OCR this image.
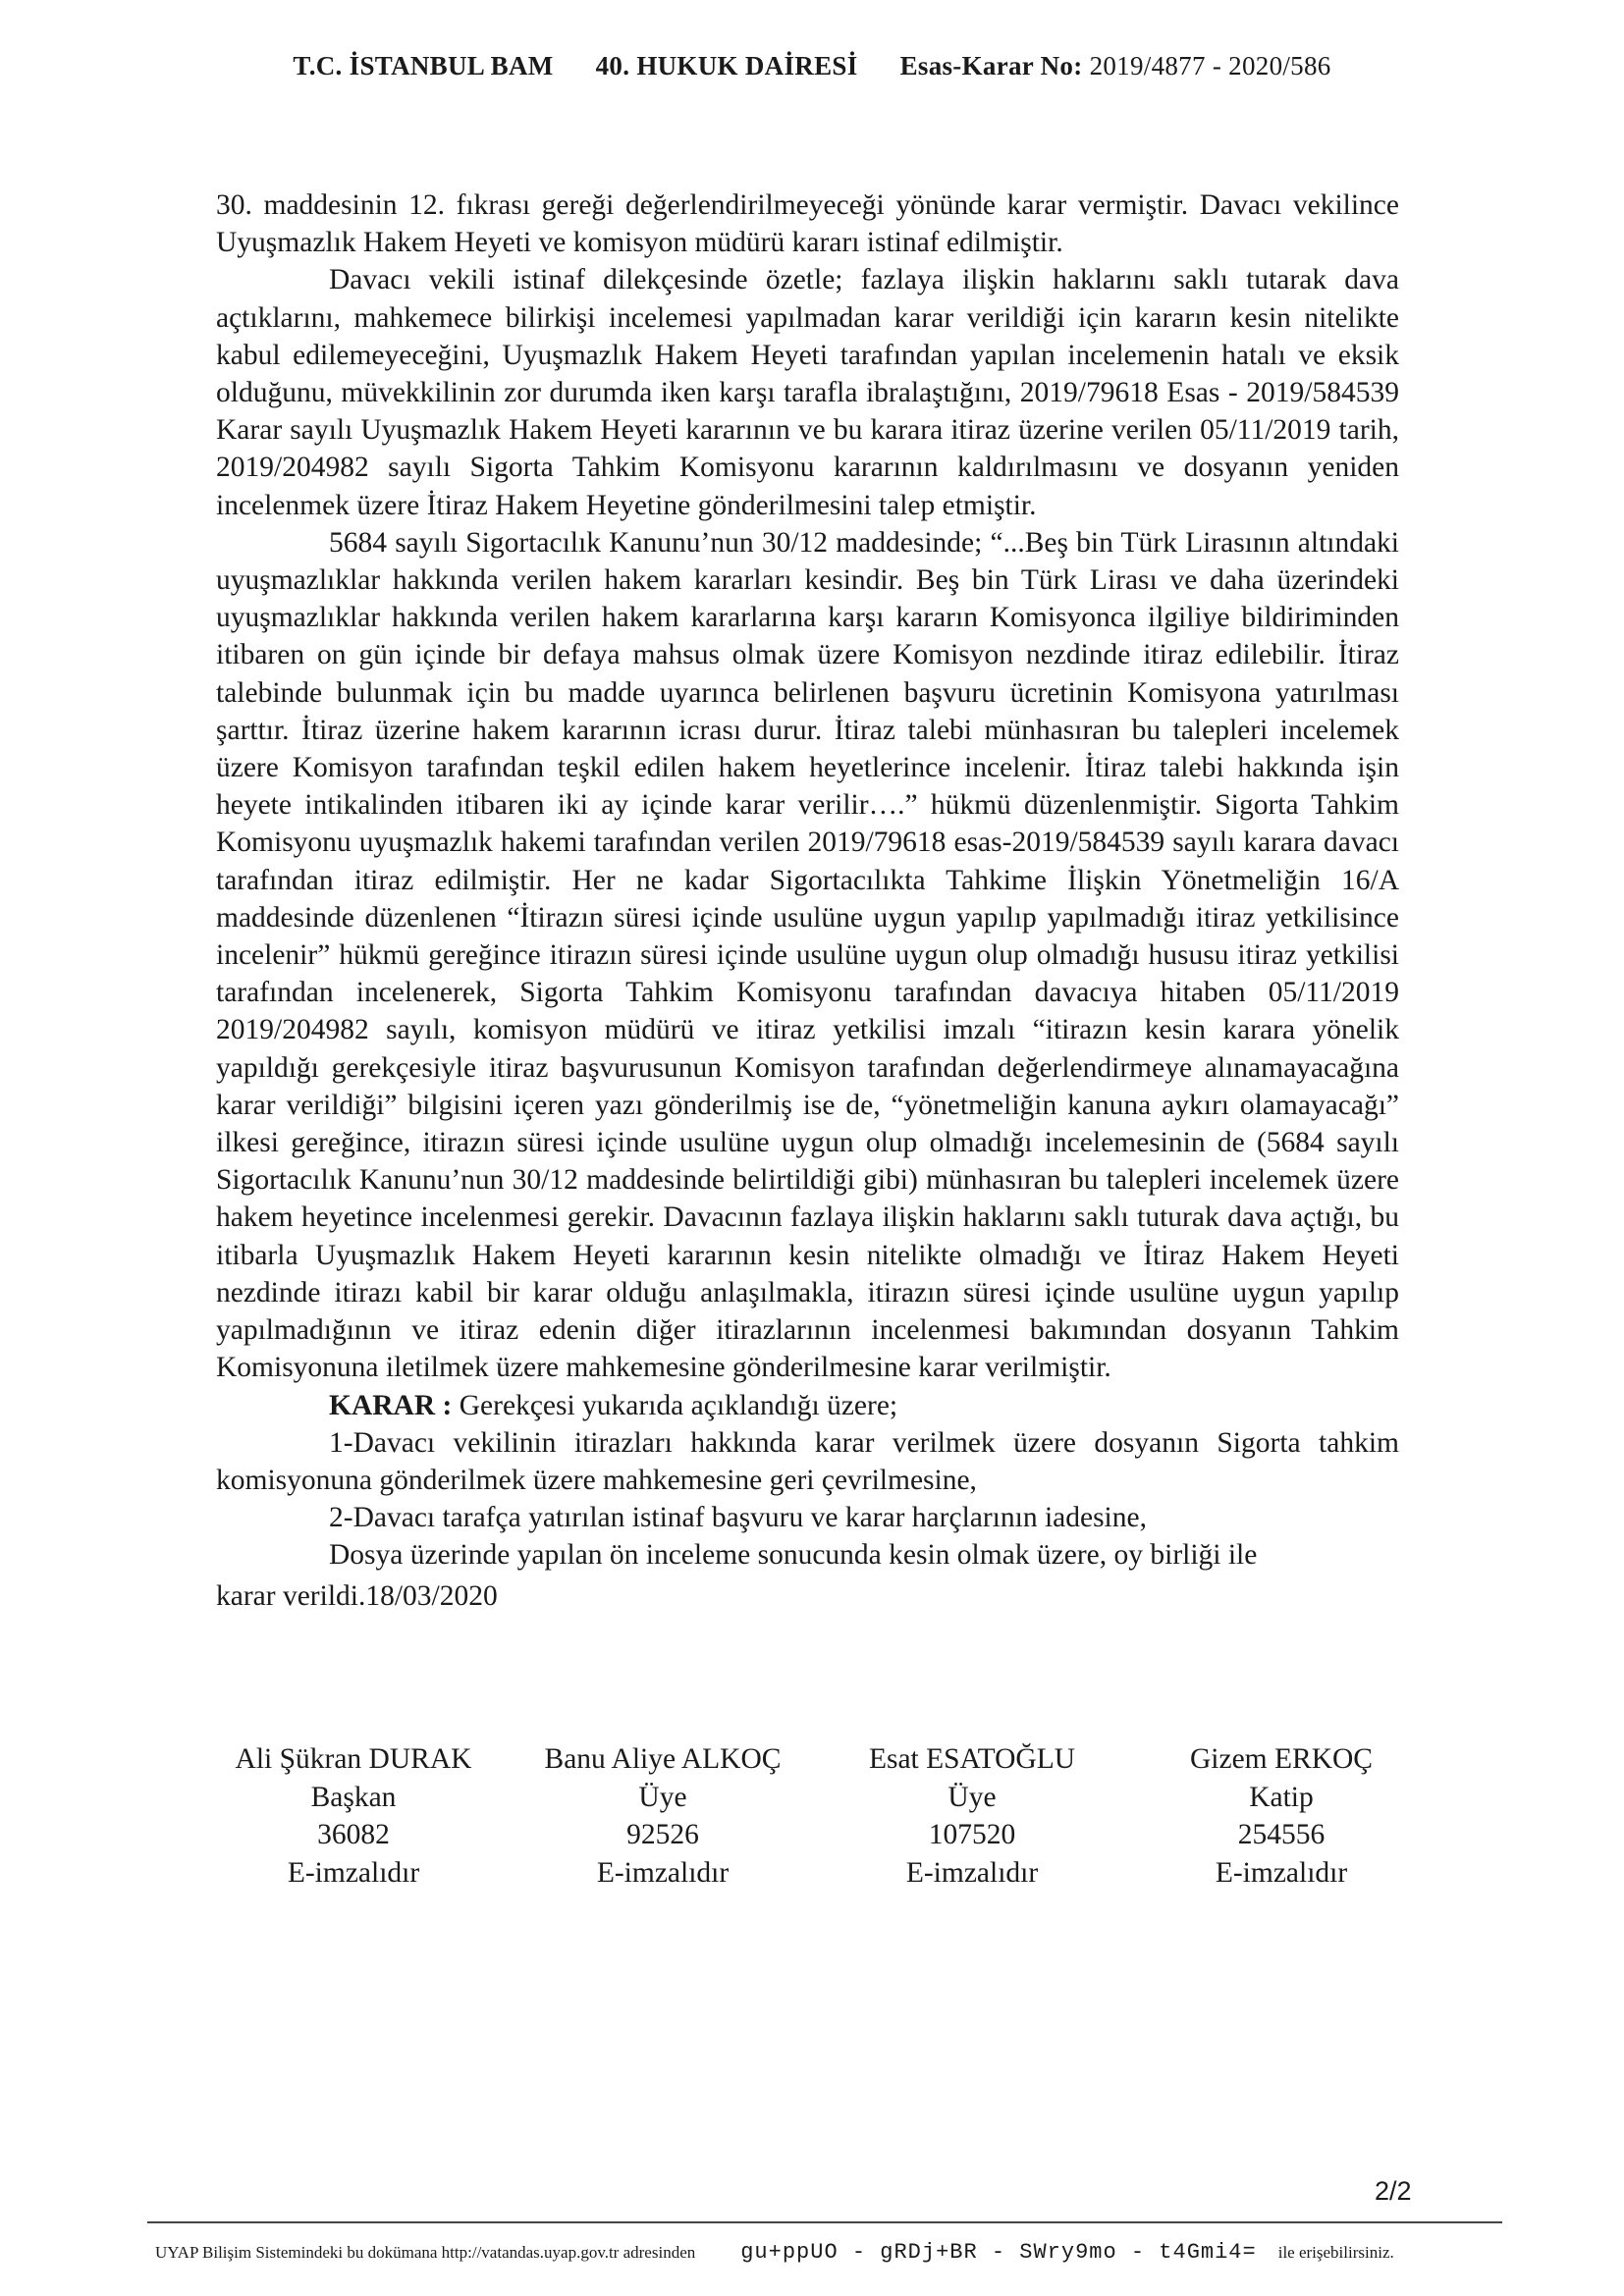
T.C. İSTANBUL BAM 40. HUKUK DAİRESİ Esas-Karar No: 2019/4877 - 2020/586

30. maddesinin 12. fıkrası gereği değerlendirilmeyeceği yönünde karar vermiştir. Davacı vekilince Uyuşmazlık Hakem Heyeti ve komisyon müdürü kararı istinaf edilmiştir.

Davacı vekili istinaf dilekçesinde özetle; fazlaya ilişkin haklarını saklı tutarak dava açtıklarını, mahkemece bilirkişi incelemesi yapılmadan karar verildiği için kararın kesin nitelikte kabul edilemeyeceğini, Uyuşmazlık Hakem Heyeti tarafından yapılan incelemenin hatalı ve eksik olduğunu, müvekkilinin zor durumda iken karşı tarafla ibralaştığını, 2019/79618 Esas - 2019/584539 Karar sayılı Uyuşmazlık Hakem Heyeti kararının ve bu karara itiraz üzerine verilen 05/11/2019 tarih, 2019/204982 sayılı Sigorta Tahkim Komisyonu kararının kaldırılmasını ve dosyanın yeniden incelenmek üzere İtiraz Hakem Heyetine gönderilmesini talep etmiştir.

5684 sayılı Sigortacılık Kanunu’nun 30/12 maddesinde; “...Beş bin Türk Lirasının altındaki uyuşmazlıklar hakkında verilen hakem kararları kesindir. Beş bin Türk Lirası ve daha üzerindeki uyuşmazlıklar hakkında verilen hakem kararlarına karşı kararın Komisyonca ilgiliye bildiriminden itibaren on gün içinde bir defaya mahsus olmak üzere Komisyon nezdinde itiraz edilebilir. İtiraz talebinde bulunmak için bu madde uyarınca belirlenen başvuru ücretinin Komisyona yatırılması şarttır. İtiraz üzerine hakem kararının icrası durur. İtiraz talebi münhasıran bu talepleri incelemek üzere Komisyon tarafından teşkil edilen hakem heyetlerince incelenir. İtiraz talebi hakkında işin heyete intikalinden itibaren iki ay içinde karar verilir….” hükmü düzenlenmiştir. Sigorta Tahkim Komisyonu uyuşmazlık hakemi tarafından verilen 2019/79618 esas-2019/584539 sayılı karara davacı tarafından itiraz edilmiştir. Her ne kadar Sigortacılıkta Tahkime İlişkin Yönetmeliğin 16/A maddesinde düzenlenen “İtirazın süresi içinde usulüne uygun yapılıp yapılmadığı itiraz yetkilisince incelenir” hükmü gereğince itirazın süresi içinde usulüne uygun olup olmadığı hususu itiraz yetkilisi tarafından incelenerek, Sigorta Tahkim Komisyonu tarafından davacıya hitaben 05/11/2019 2019/204982 sayılı, komisyon müdürü ve itiraz yetkilisi imzalı “itirazın kesin karara yönelik yapıldığı gerekçesiyle itiraz başvurusunun Komisyon tarafından değerlendirmeye alınamayacağına karar verildiği” bilgisini içeren yazı gönderilmiş ise de, “yönetmeliğin kanuna aykırı olamayacağı” ilkesi gereğince, itirazın süresi içinde usulüne uygun olup olmadığı incelemesinin de (5684 sayılı Sigortacılık Kanunu’nun 30/12 maddesinde belirtildiği gibi) münhasıran bu talepleri incelemek üzere hakem heyetince incelenmesi gerekir. Davacının fazlaya ilişkin haklarını saklı tuturak dava açtığı, bu itibarla Uyuşmazlık Hakem Heyeti kararının kesin nitelikte olmadığı ve İtiraz Hakem Heyeti nezdinde itirazı kabil bir karar olduğu anlaşılmakla, itirazın süresi içinde usulüne uygun yapılıp yapılmadığının ve itiraz edenin diğer itirazlarının incelenmesi bakımından dosyanın Tahkim Komisyonuna iletilmek üzere mahkemesine gönderilmesine karar verilmiştir.

KARAR : Gerekçesi yukarıda açıklandığı üzere;

1-Davacı vekilinin itirazları hakkında karar verilmek üzere dosyanın Sigorta tahkim komisyonuna gönderilmek üzere mahkemesine geri çevrilmesine,

2-Davacı tarafça yatırılan istinaf başvuru ve karar harçlarının iadesine,

Dosya üzerinde yapılan ön inceleme sonucunda kesin olmak üzere, oy birliği ile

karar verildi.18/03/2020

Ali Şükran DURAK
Başkan
36082
E-imzalıdır
Banu Aliye ALKOÇ
Üye
92526
E-imzalıdır
Esat ESATOĞLU
Üye
107520
E-imzalıdır
Gizem ERKOÇ
Katip
254556
E-imzalıdır
2/2
UYAP Bilişim Sistemindeki bu dokümana http://vatandas.uyap.gov.tr adresinden gu+ppUO - gRDj+BR - SWry9mo - t4Gmi4= ile erişebilirsiniz.
